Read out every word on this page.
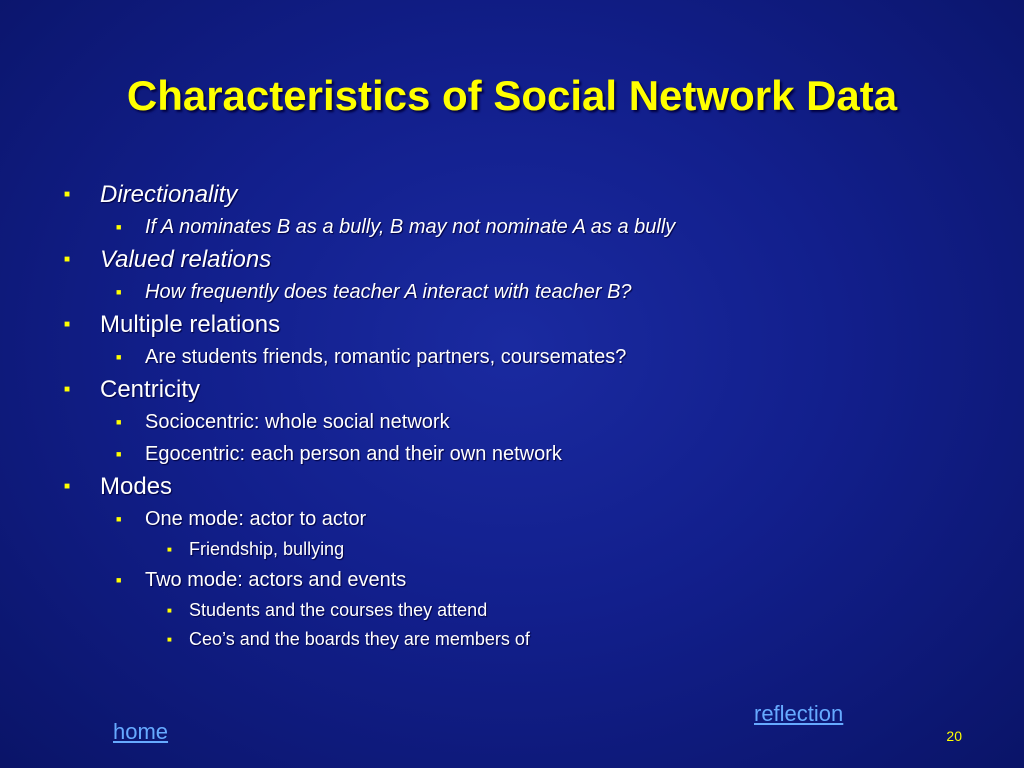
Characteristics of Social Network Data
■ Directionality
■ If A nominates B as a bully, B may not nominate A as a bully
■ Valued relations
■ How frequently does teacher A interact with teacher B?
■ Multiple relations
■ Are students friends, romantic partners, coursemates?
■ Centricity
■ Sociocentric: whole social network
■ Egocentric: each person and their own network
■ Modes
■ One mode: actor to actor
■ Friendship, bullying
■ Two mode: actors and events
■ Students and the courses they attend
■ Ceo’s and the boards they are members of
reflection
home	20
